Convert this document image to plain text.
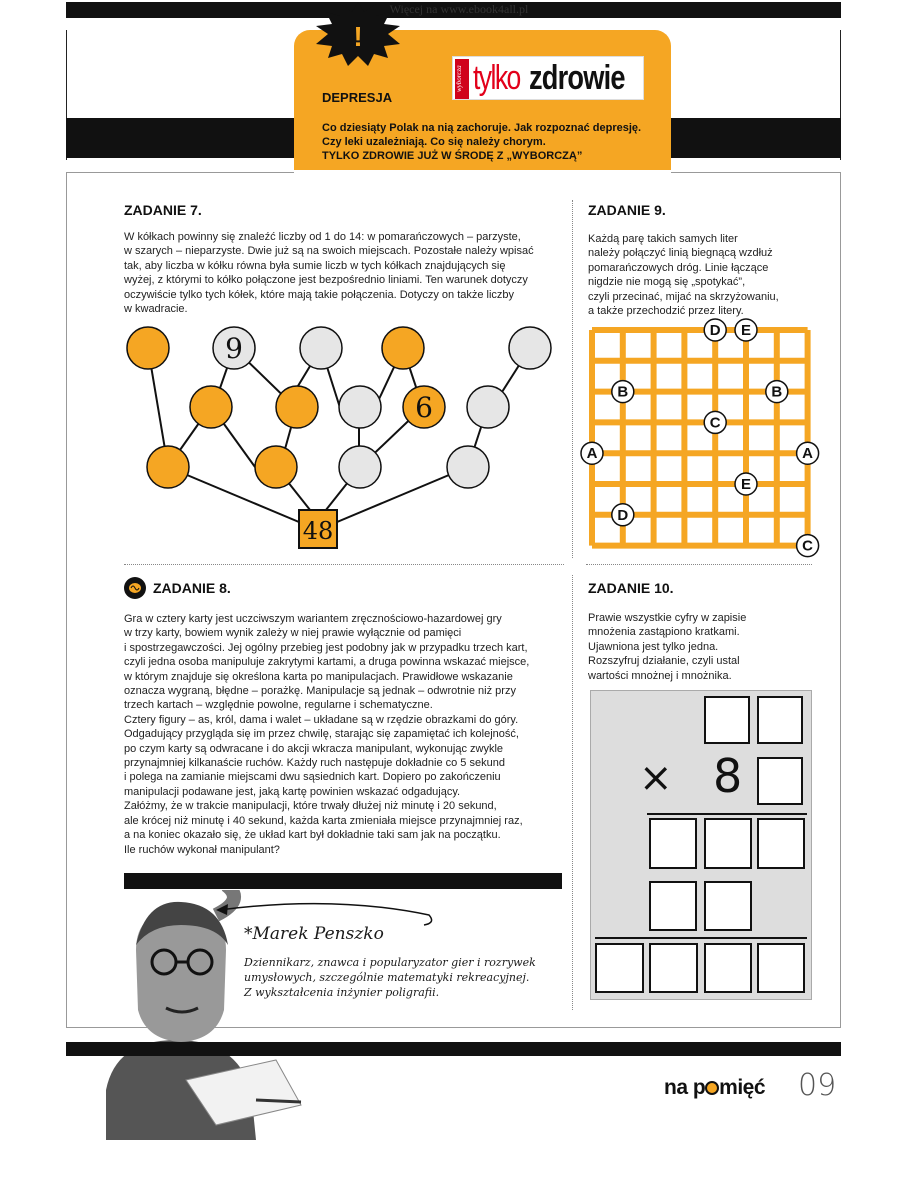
Więcej na www.ebook4all.pl
!
DEPRESJA
wyborcza tylko zdrowie
Co dziesiąty Polak na nią zachoruje. Jak rozpoznać depresję.
Czy leki uzależniają. Co się należy chorym.
TYLKO ZDROWIE JUŻ W ŚRODĘ Z „WYBORCZĄ”
ZADANIE 7.
W kółkach powinny się znaleźć liczby od 1 do 14: w pomarańczowych – parzyste,
w szarych – nieparzyste. Dwie już są na swoich miejscach. Pozostałe należy wpisać
tak, aby liczba w kółku równa była sumie liczb w tych kółkach znajdujących się
wyżej, z którymi to kółko połączone jest bezpośrednio liniami. Ten warunek dotyczy
oczywiście tylko tych kółek, które mają takie połączenia. Dotyczy on także liczby
w kwadracie.
9
6
48
ZADANIE 8.
Gra w cztery karty jest uczciwszym wariantem zręcznościowo-hazardowej gry
w trzy karty, bowiem wynik zależy w niej prawie wyłącznie od pamięci
i spostrzegawczości. Jej ogólny przebieg jest podobny jak w przypadku trzech kart,
czyli jedna osoba manipuluje zakrytymi kartami, a druga powinna wskazać miejsce,
w którym znajduje się określona karta po manipulacjach. Prawidłowe wskazanie
oznacza wygraną, błędne – porażkę. Manipulacje są jednak – odwrotnie niż przy
trzech kartach – względnie powolne, regularne i schematyczne.
Cztery figury – as, król, dama i walet – układane są w rzędzie obrazkami do góry.
Odgadujący przygląda się im przez chwilę, starając się zapamiętać ich kolejność,
po czym karty są odwracane i do akcji wkracza manipulant, wykonując zwykle
przynajmniej kilkanaście ruchów. Każdy ruch następuje dokładnie co 5 sekund
i polega na zamianie miejscami dwu sąsiednich kart. Dopiero po zakończeniu
manipulacji podawane jest, jaką kartę powinien wskazać odgadujący.
Załóżmy, że w trakcie manipulacji, które trwały dłużej niż minutę i 20 sekund,
ale krócej niż minutę i 40 sekund, każda karta zmieniała miejsce przynajmniej raz,
a na koniec okazało się, że układ kart był dokładnie taki sam jak na początku.
Ile ruchów wykonał manipulant?
ZADANIE 9.
Każdą parę takich samych liter
należy połączyć linią biegnącą wzdłuż
pomarańczowych dróg. Linie łączące
nigdzie nie mogą się „spotykać”,
czyli przecinać, mijać na skrzyżowaniu,
a także przechodzić przez litery.
D E
B	B
C
A	A
E
D
C
ZADANIE 10.
Prawie wszystkie cyfry w zapisie
mnożenia zastąpiono kratkami.
Ujawniona jest tylko jedna.
Rozszyfruj działanie, czyli ustal
wartości mnożnej i mnożnika.
× 8
*Marek Penszko
Dziennikarz, znawca i popularyzator gier i rozrywek
umysłowych, szczególnie matematyki rekreacyjnej.
Z wykształcenia inżynier poligrafii.
na p mięć 09
